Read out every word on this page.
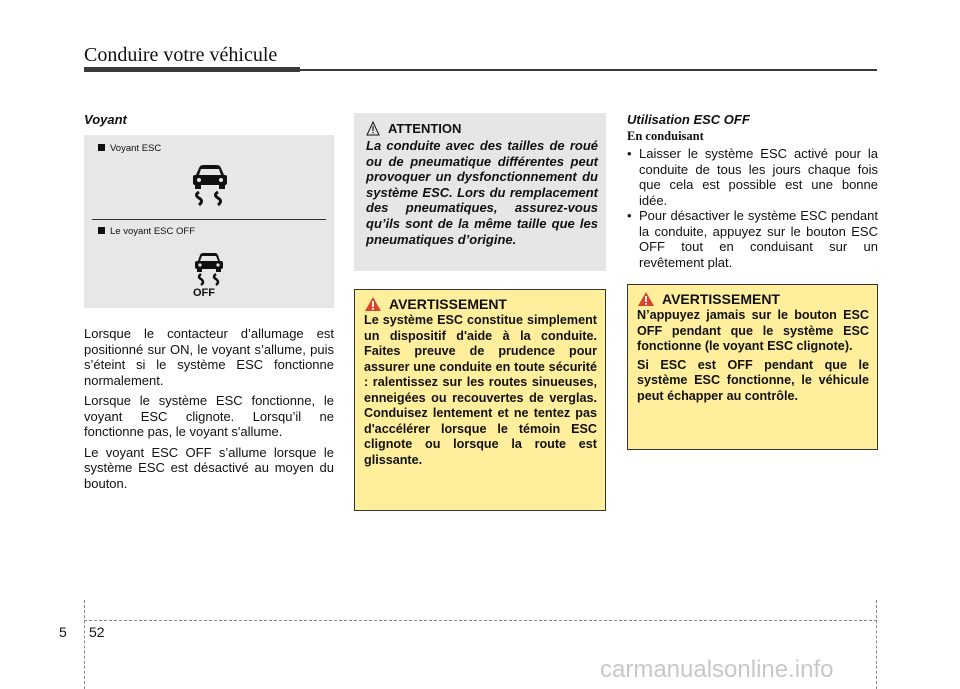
Conduire votre véhicule
Voyant
Voyant ESC
Le voyant ESC OFF
OFF

Lorsque le contacteur d’allumage est positionné sur ON, le voyant s’allume, puis s’éteint si le système ESC fonctionne normalement.

Lorsque le système ESC fonctionne, le voyant ESC clignote. Lorsqu’il ne fonctionne pas, le voyant s'allume.

Le voyant ESC OFF s’allume lorsque le système ESC est désactivé au moyen du bouton.

ATTENTION
La conduite avec des tailles de roué ou de pneumatique différentes peut provoquer un dysfonctionnement du système ESC. Lors du remplacement des pneumatiques, assurez-vous qu’ils sont de la même taille que les pneumatiques d’origine.
AVERTISSEMENT
Le système ESC constitue simplement un dispositif d'aide à la conduite. Faites preuve de prudence pour assurer une conduite en toute sécurité : ralentissez sur les routes sinueuses, enneigées ou recouvertes de verglas. Conduisez lentement et ne tentez pas d'accélérer lorsque le témoin ESC clignote ou lorsque la route est glissante.
Utilisation ESC OFF
En conduisant
• Laisser le système ESC activé pour la conduite de tous les jours chaque fois que cela est possible est une bonne idée.
• Pour désactiver le système ESC pendant la conduite, appuyez sur le bouton ESC OFF tout en conduisant sur un revêtement plat.
AVERTISSEMENT

N’appuyez jamais sur le bouton ESC OFF pendant que le système ESC fonctionne (le voyant ESC clignote).

Si ESC est OFF pendant que le système ESC fonctionne, le véhicule peut échapper au contrôle.

5 52
carmanualsonline.info
